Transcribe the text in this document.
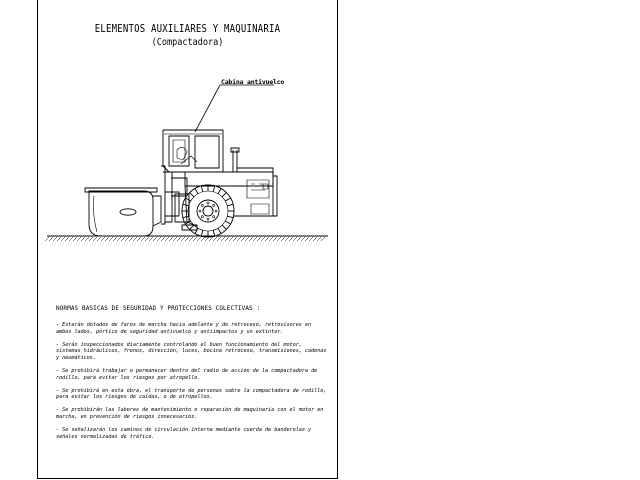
ELEMENTOS AUXILIARES Y MAQUINARIA
(Compactadora)
Cabina antivuelco
NORMAS BASICAS DE SEGURIDAD Y PROTECCIONES COLECTIVAS :

- Estarán dotados de faros de marcha hacia adelante y de retroceso, retrovisores en ambos lados, pórtico de seguridad antivuelco y antiimpactos y un extintor.

- Serán inspeccionados diariamente controlando el buen funcionamiento del motor, sistemas hidráulicos, frenos, dirección, luces, bocina retroceso, transmisiones, cadenas y neumáticos.

- Se prohibirá trabajar o permanecer dentro del radio de acción de la compactadora de rodillo, para evitar los riesgos por atropello.

- Se prohibirá en esta obra, el transporte de personas sobre la compactadora de rodillo, para evitar los riesgos de caídas, o de atropellos.

- Se prohibirán las labores de mantenimiento o reparación de maquinaria con el motor en marcha, en prevención de riesgos innecesarios.

- Se señalizarán los caminos de circulación interna mediante cuerda de banderolas y señales normalizadas de tráfico.
